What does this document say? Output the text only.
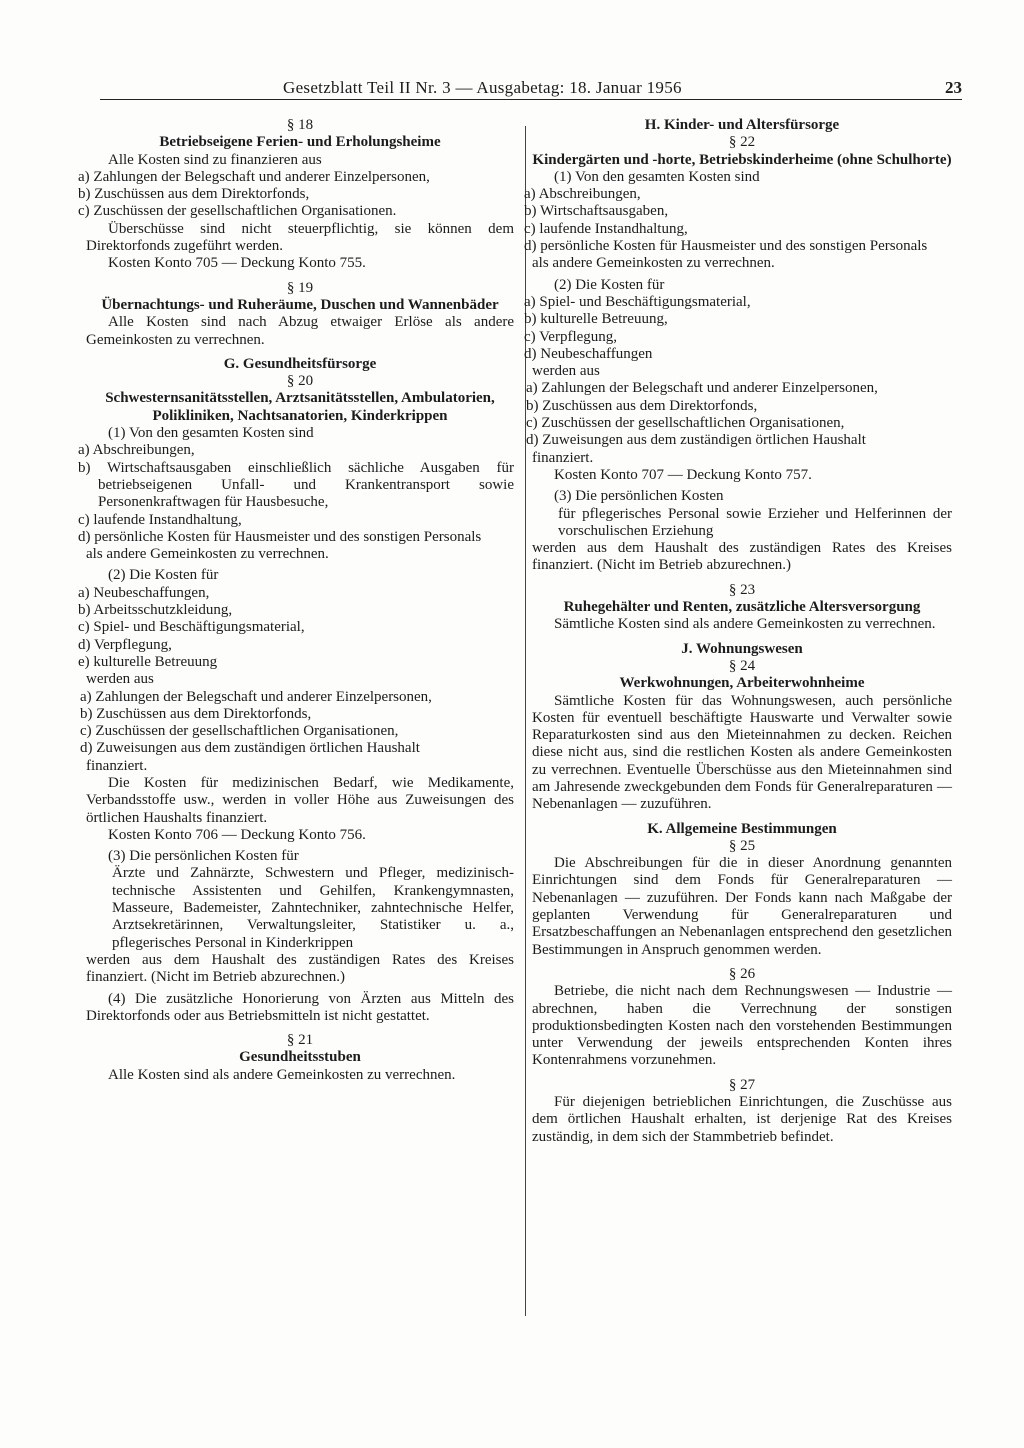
Gesetzblatt Teil II Nr. 3 — Ausgabetag: 18. Januar 1956	23
§ 18
Betriebseigene Ferien- und Erholungsheime
Alle Kosten sind zu finanzieren aus
a) Zahlungen der Belegschaft und anderer Einzelpersonen,
b) Zuschüssen aus dem Direktorfonds,
c) Zuschüssen der gesellschaftlichen Organisationen.
Überschüsse sind nicht steuerpflichtig, sie können dem Direktorfonds zugeführt werden.
Kosten Konto 705 — Deckung Konto 755.
§ 19
Übernachtungs- und Ruheräume, Duschen und Wannenbäder
Alle Kosten sind nach Abzug etwaiger Erlöse als andere Gemeinkosten zu verrechnen.
G. Gesundheitsfürsorge
§ 20
Schwesternsanitätsstellen, Arztsanitätsstellen, Ambulatorien, Polikliniken, Nachtsanatorien, Kinderkrippen
(1) Von den gesamten Kosten sind
a) Abschreibungen,
b) Wirtschaftsausgaben einschließlich sächliche Ausgaben für betriebseigenen Unfall- und Krankentransport sowie Personenkraftwagen für Hausbesuche,
c) laufende Instandhaltung,
d) persönliche Kosten für Hausmeister und des sonstigen Personals
als andere Gemeinkosten zu verrechnen.
(2) Die Kosten für
a) Neubeschaffungen,
b) Arbeitsschutzkleidung,
c) Spiel- und Beschäftigungsmaterial,
d) Verpflegung,
e) kulturelle Betreuung
werden aus
a) Zahlungen der Belegschaft und anderer Einzelpersonen,
b) Zuschüssen aus dem Direktorfonds,
c) Zuschüssen der gesellschaftlichen Organisationen,
d) Zuweisungen aus dem zuständigen örtlichen Haushalt
finanziert.
Die Kosten für medizinischen Bedarf, wie Medikamente, Verbandsstoffe usw., werden in voller Höhe aus Zuweisungen des örtlichen Haushalts finanziert.
Kosten Konto 706 — Deckung Konto 756.
(3) Die persönlichen Kosten für
Ärzte und Zahnärzte, Schwestern und Pfleger, medizinisch-technische Assistenten und Gehilfen, Krankengymnasten, Masseure, Bademeister, Zahntechniker, zahntechnische Helfer, Arztsekretärinnen, Verwaltungsleiter, Statistiker u. a., pflegerisches Personal in Kinderkrippen
werden aus dem Haushalt des zuständigen Rates des Kreises finanziert. (Nicht im Betrieb abzurechnen.)
(4) Die zusätzliche Honorierung von Ärzten aus Mitteln des Direktorfonds oder aus Betriebsmitteln ist nicht gestattet.
§ 21
Gesundheitsstuben
Alle Kosten sind als andere Gemeinkosten zu verrechnen.
H. Kinder- und Altersfürsorge
§ 22
Kindergärten und -horte, Betriebskinderheime (ohne Schulhorte)
(1) Von den gesamten Kosten sind
a) Abschreibungen,
b) Wirtschaftsausgaben,
c) laufende Instandhaltung,
d) persönliche Kosten für Hausmeister und des sonstigen Personals
als andere Gemeinkosten zu verrechnen.
(2) Die Kosten für
a) Spiel- und Beschäftigungsmaterial,
b) kulturelle Betreuung,
c) Verpflegung,
d) Neubeschaffungen
werden aus
a) Zahlungen der Belegschaft und anderer Einzelpersonen,
b) Zuschüssen aus dem Direktorfonds,
c) Zuschüssen der gesellschaftlichen Organisationen,
d) Zuweisungen aus dem zuständigen örtlichen Haushalt
finanziert.
Kosten Konto 707 — Deckung Konto 757.
(3) Die persönlichen Kosten
für pflegerisches Personal sowie Erzieher und Helferinnen der vorschulischen Erziehung
werden aus dem Haushalt des zuständigen Rates des Kreises finanziert. (Nicht im Betrieb abzurechnen.)
§ 23
Ruhegehälter und Renten, zusätzliche Altersversorgung
Sämtliche Kosten sind als andere Gemeinkosten zu verrechnen.
J. Wohnungswesen
§ 24
Werkwohnungen, Arbeiterwohnheime
Sämtliche Kosten für das Wohnungswesen, auch persönliche Kosten für eventuell beschäftigte Hauswarte und Verwalter sowie Reparaturkosten sind aus den Mieteinnahmen zu decken. Reichen diese nicht aus, sind die restlichen Kosten als andere Gemeinkosten zu verrechnen. Eventuelle Überschüsse aus den Mieteinnahmen sind am Jahresende zweckgebunden dem Fonds für Generalreparaturen — Nebenanlagen — zuzuführen.
K. Allgemeine Bestimmungen
§ 25
Die Abschreibungen für die in dieser Anordnung genannten Einrichtungen sind dem Fonds für Generalreparaturen — Nebenanlagen — zuzuführen. Der Fonds kann nach Maßgabe der geplanten Verwendung für Generalreparaturen und Ersatzbeschaffungen an Nebenanlagen entsprechend den gesetzlichen Bestimmungen in Anspruch genommen werden.
§ 26
Betriebe, die nicht nach dem Rechnungswesen — Industrie — abrechnen, haben die Verrechnung der sonstigen produktionsbedingten Kosten nach den vorstehenden Bestimmungen unter Verwendung der jeweils entsprechenden Konten ihres Kontenrahmens vorzunehmen.
§ 27
Für diejenigen betrieblichen Einrichtungen, die Zuschüsse aus dem örtlichen Haushalt erhalten, ist derjenige Rat des Kreises zuständig, in dem sich der Stammbetrieb befindet.
